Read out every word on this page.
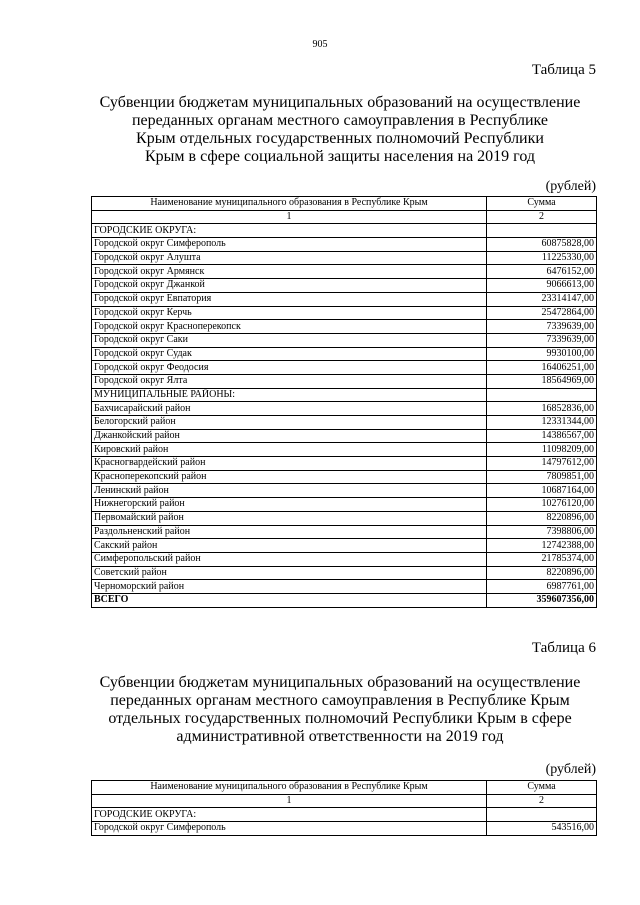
905
Таблица 5
Субвенции бюджетам муниципальных образований на осуществление
переданных органам местного самоуправления в Республике
Крым отдельных государственных полномочий Республики
Крым в сфере социальной защиты населения на 2019 год
(рублей)
Наименование муниципального образования в Республике Крым	Сумма
1	2
ГОРОДСКИЕ ОКРУГА:	
Городской округ Симферополь	60875828,00
Городской округ Алушта	11225330,00
Городской округ Армянск	6476152,00
Городской округ Джанкой	9066613,00
Городской округ Евпатория	23314147,00
Городской округ Керчь	25472864,00
Городской округ Красноперекопск	7339639,00
Городской округ Саки	7339639,00
Городской округ Судак	9930100,00
Городской округ Феодосия	16406251,00
Городской округ Ялта	18564969,00
МУНИЦИПАЛЬНЫЕ РАЙОНЫ:	
Бахчисарайский район	16852836,00
Белогорский район	12331344,00
Джанкойский район	14386567,00
Кировский район	11098209,00
Красногвардейский район	14797612,00
Красноперекопский район	7809851,00
Ленинский район	10687164,00
Нижнегорский район	10276120,00
Первомайский район	8220896,00
Раздольненский район	7398806,00
Сакский район	12742388,00
Симферопольский район	21785374,00
Советский район	8220896,00
Черноморский район	6987761,00
ВСЕГО	359607356,00
Таблица 6
Субвенции бюджетам муниципальных образований на осуществление
переданных органам местного самоуправления в Республике Крым
отдельных государственных полномочий Республики Крым в сфере
административной ответственности на 2019 год
(рублей)
Наименование муниципального образования в Республике Крым	Сумма
1	2
ГОРОДСКИЕ ОКРУГА:	
Городской округ Симферополь	543516,00
